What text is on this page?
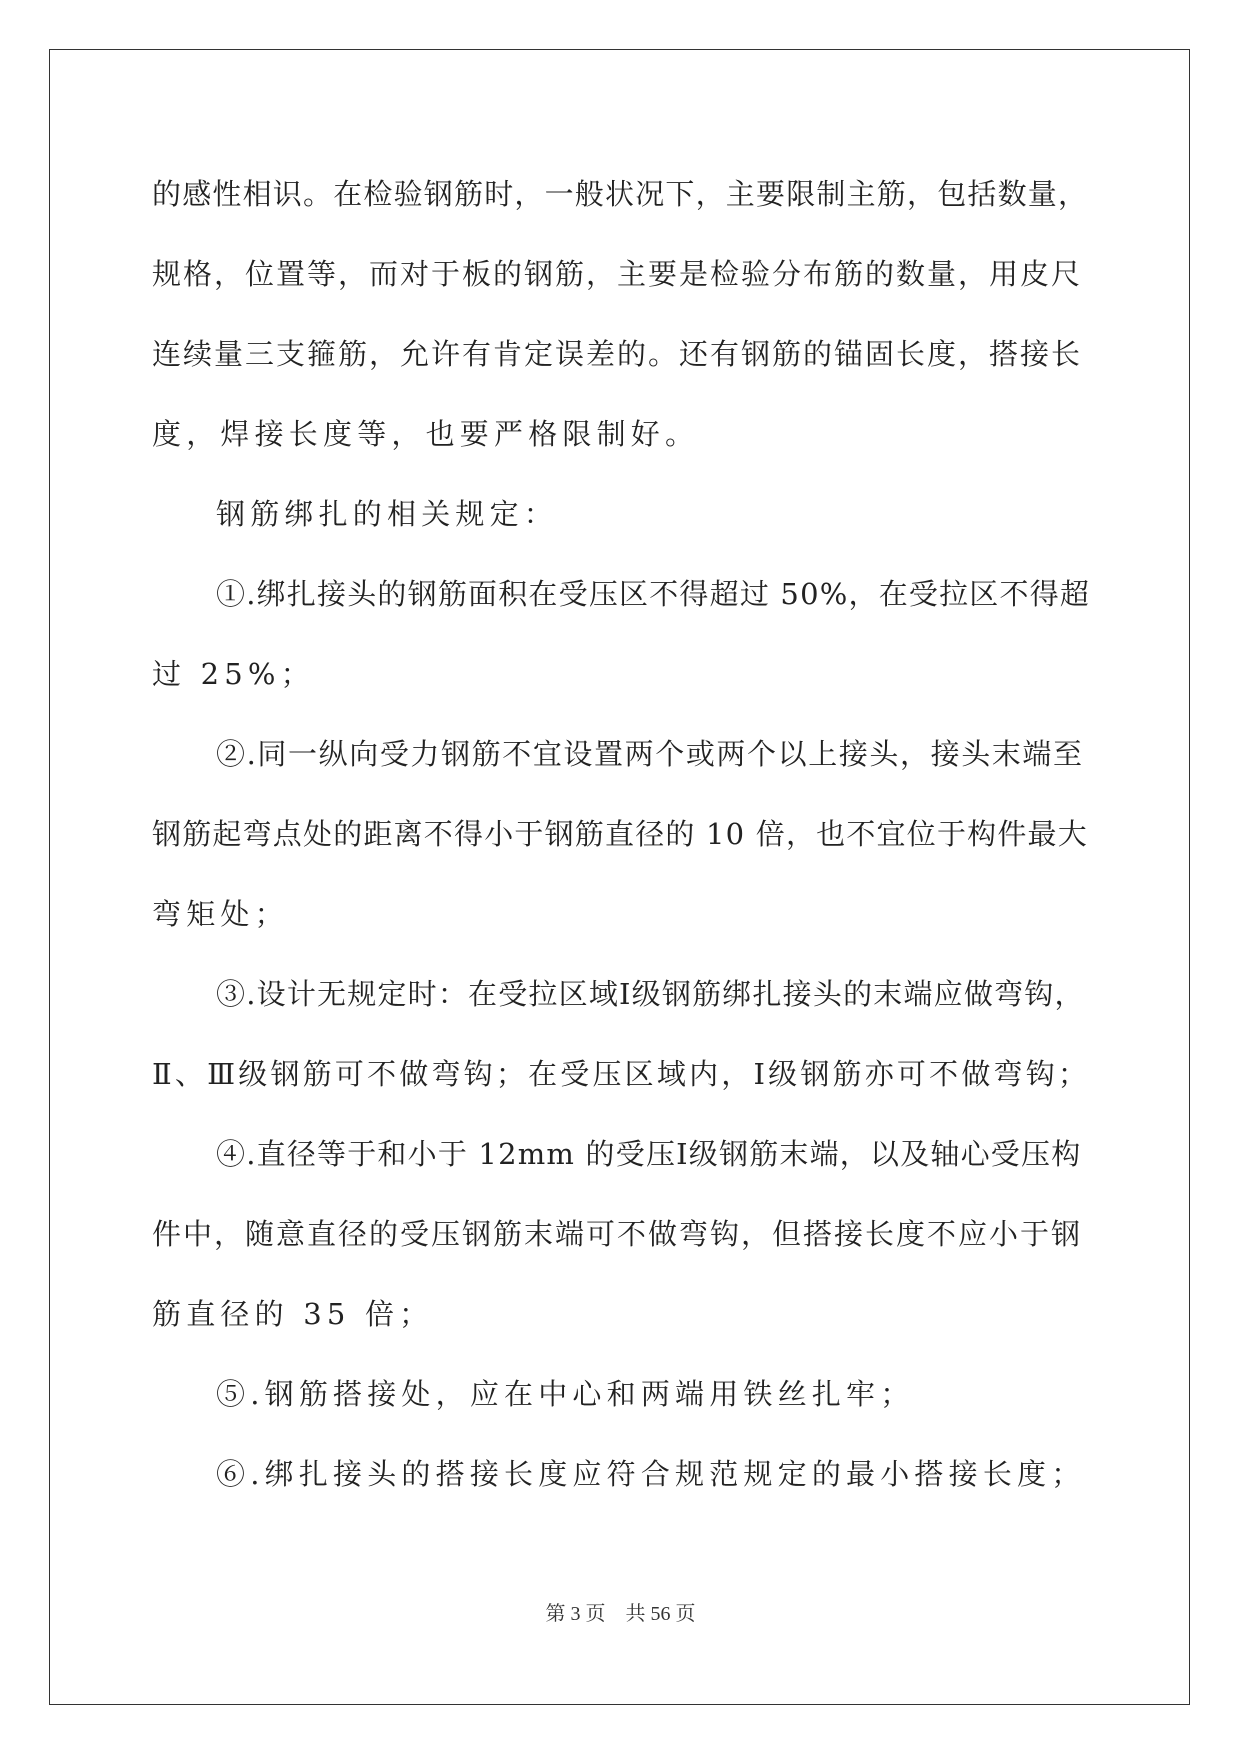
的感性相识。在检验钢筋时，一般状况下，主要限制主筋，包括数量，
规格，位置等，而对于板的钢筋，主要是检验分布筋的数量，用皮尺
连续量三支箍筋，允许有肯定误差的。还有钢筋的锚固长度，搭接长
度，焊接长度等，也要严格限制好。
钢筋绑扎的相关规定：
①.绑扎接头的钢筋面积在受压区不得超过 50%，在受拉区不得超
过 25%；
②.同一纵向受力钢筋不宜设置两个或两个以上接头，接头末端至
钢筋起弯点处的距离不得小于钢筋直径的 10 倍，也不宜位于构件最大
弯矩处；
③.设计无规定时：在受拉区域Ⅰ级钢筋绑扎接头的末端应做弯钩，
Ⅱ、Ⅲ级钢筋可不做弯钩；在受压区域内，Ⅰ级钢筋亦可不做弯钩；
④.直径等于和小于 12mm 的受压Ⅰ级钢筋末端，以及轴心受压构
件中，随意直径的受压钢筋末端可不做弯钩，但搭接长度不应小于钢
筋直径的 35 倍；
⑤.钢筋搭接处，应在中心和两端用铁丝扎牢；
⑥.绑扎接头的搭接长度应符合规范规定的最小搭接长度；
第 3 页    共 56 页
